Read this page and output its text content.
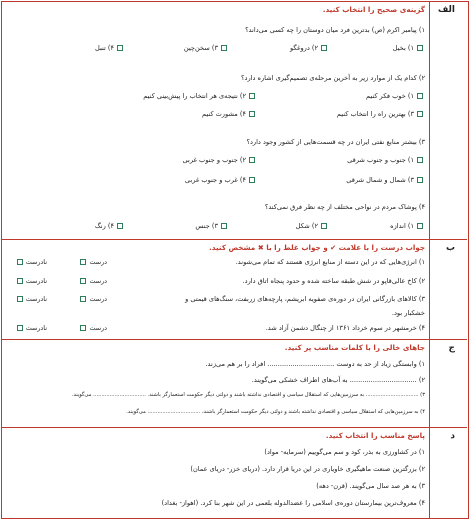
الف
گزینه‌ی صحیح را انتخاب کنید.
۱) پیامبر اکرم (ص) بدترین فرد میان دوستان را چه کسی می‌داند؟
۱) بخیل
۲) دروغگو
۳) سخن‌چین
۴) تنبل
۲) کدام یک از موارد زیر به آخرین مرحله‌ی تصمیم‌گیری اشاره دارد؟
۱) خوب فکر کنیم
۲) نتیجه‌ی هر انتخاب را پیش‌بینی کنیم
۳) بهترین راه را انتخاب کنیم
۴) مشورت کنیم
۳) بیشتر منابع نفتی ایران در چه قسمت‌هایی از کشور وجود دارد؟
۱) جنوب و جنوب شرقی
۲) جنوب و جنوب غربی
۳) شمال و شمال شرقی
۴) غرب و جنوب غربی
۴) پوشاک مردم در نواحی مختلف از چه نظر فرق نمی‌کند؟
۱) اندازه
۲) شکل
۳) جنس
۴) رنگ
ب
جواب درست را با علامت ✔ و جواب غلط را با ✖ مشخص کنید.
۱) انرژی‌هایی که در این دسته از منابع انرژی هستند که تمام می‌شوند.
درست
نادرست
۲) کاخ عالی‌قاپو در شش طبقه ساخته شده و حدود پنجاه اتاق دارد.
درست
نادرست
۳) کالاهای بازرگانی ایران در دوره‌ی صفویه ابریشم، پارچه‌های زربفت، سنگ‌های قیمتی و
درست
نادرست
خشکبار بود.
۴) خرمشهر در سوم خرداد ۱۳۶۱ از چنگال دشمن آزاد شد.
درست
نادرست
ج
جاهای خالی را با کلمات مناسب پر کنید.
۱) وابستگی زیاد از حد به دوست ................................ افراد را بر هم می‌زند.
۲) ................................ به آب‌های اطراف خشکی می‌گویند.
۳) ................................ به سرزمین‌هایی که استقلال سیاسی و اقتصادی نداشته باشند و دولتی دیگر حکومت استعمارگر باشند. ................................ می‌گویند.
۴) به سرزمین‌هایی که استقلال سیاسی و اقتصادی نداشته باشند و دولتی دیگر حکومت استعمارگر باشند، ................................ می‌گویند.
د
پاسخ مناسب را انتخاب کنید.
۱) در کشاورزی به بذر، کود و سم می‌گوییم (سرمایه- مواد)
۲) بزرگترین صنعت ماهیگیری خاویاری در این دریا قرار دارد. (دریای خزر- دریای عمان)
۳) به هر صد سال می‌گویند. (قرن- دهه)
۴) معروف‌ترین بیمارستان دوره‌ی اسلامی را عضدالدوله بلعمی در این شهر بنا کرد. (اهواز- بغداد)
